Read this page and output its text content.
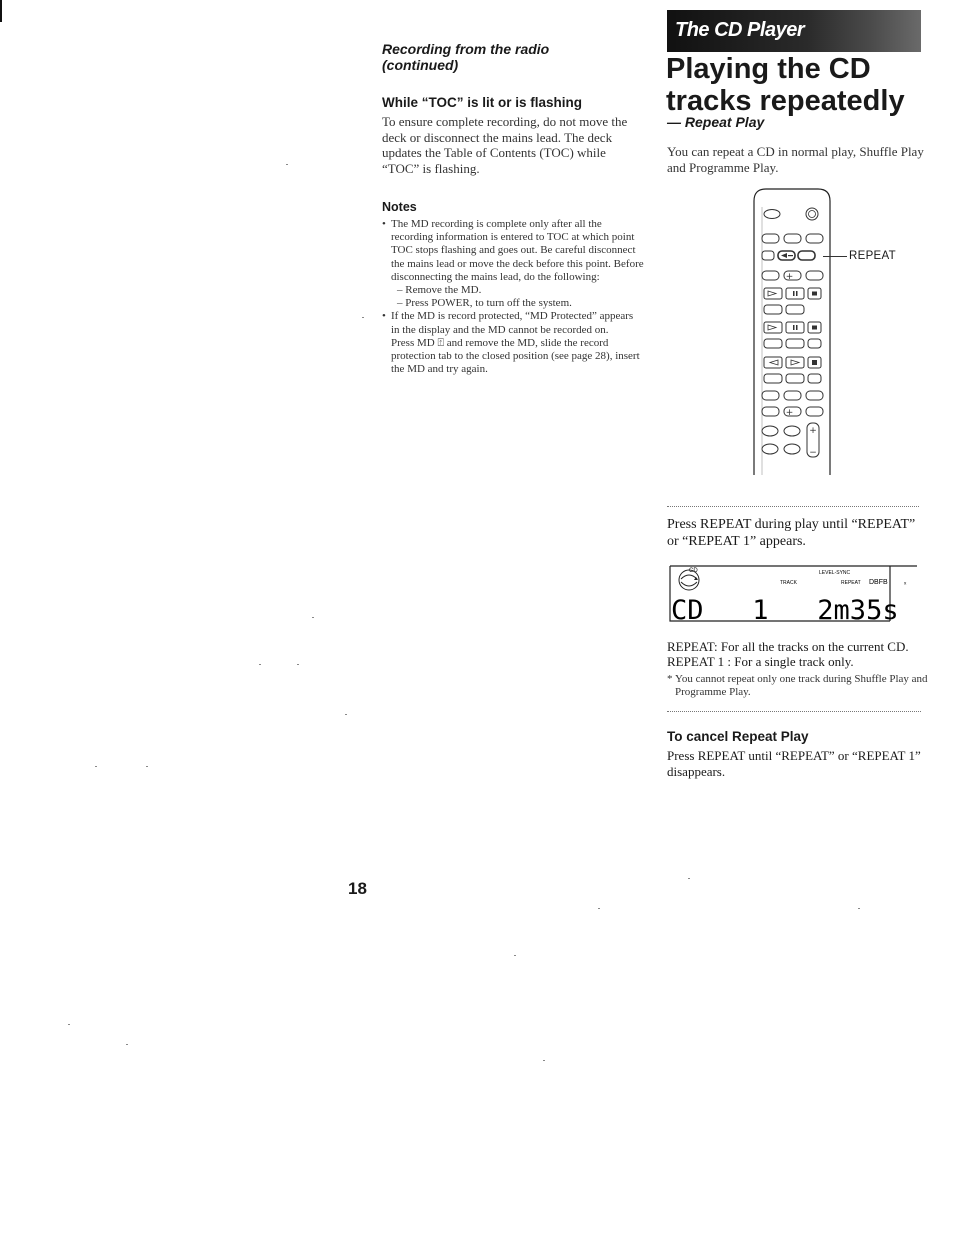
Recording from the radio
(continued)
While “TOC” is lit or is flashing
To ensure complete recording, do not move the deck or disconnect the mains lead. The deck updates the Table of Contents (TOC) while “TOC” is flashing.
Notes
• The MD recording is complete only after all the recording information is entered to TOC at which point TOC stops flashing and goes out. Be careful disconnect the mains lead or move the deck before this point. Before disconnecting the mains lead, do the following:
– Remove the MD.
– Press POWER, to turn off the system.
• If the MD is record protected, “MD Protected” appears in the display and the MD cannot be recorded on.
Press MD ⍐ and remove the MD, slide the record protection tab to the closed position (see page 28), insert the MD and try again.
18
The CD Player
Playing the CD
tracks repeatedly
— Repeat Play
You can repeat a CD in normal play, Shuffle Play and Programme Play.
+
+
+
−
REPEAT
Press REPEAT during play until “REPEAT” or “REPEAT 1” appears.
CD	LEVEL-SYNC
TRACK	REPEAT DBFB
CD   1   2m35s
ₓ
REPEAT: For all the tracks on the current CD.
REPEAT 1 : For a single track only.
* You cannot repeat only one track during Shuffle Play and Programme Play.
To cancel Repeat Play
Press REPEAT until “REPEAT” or “REPEAT 1” disappears.
